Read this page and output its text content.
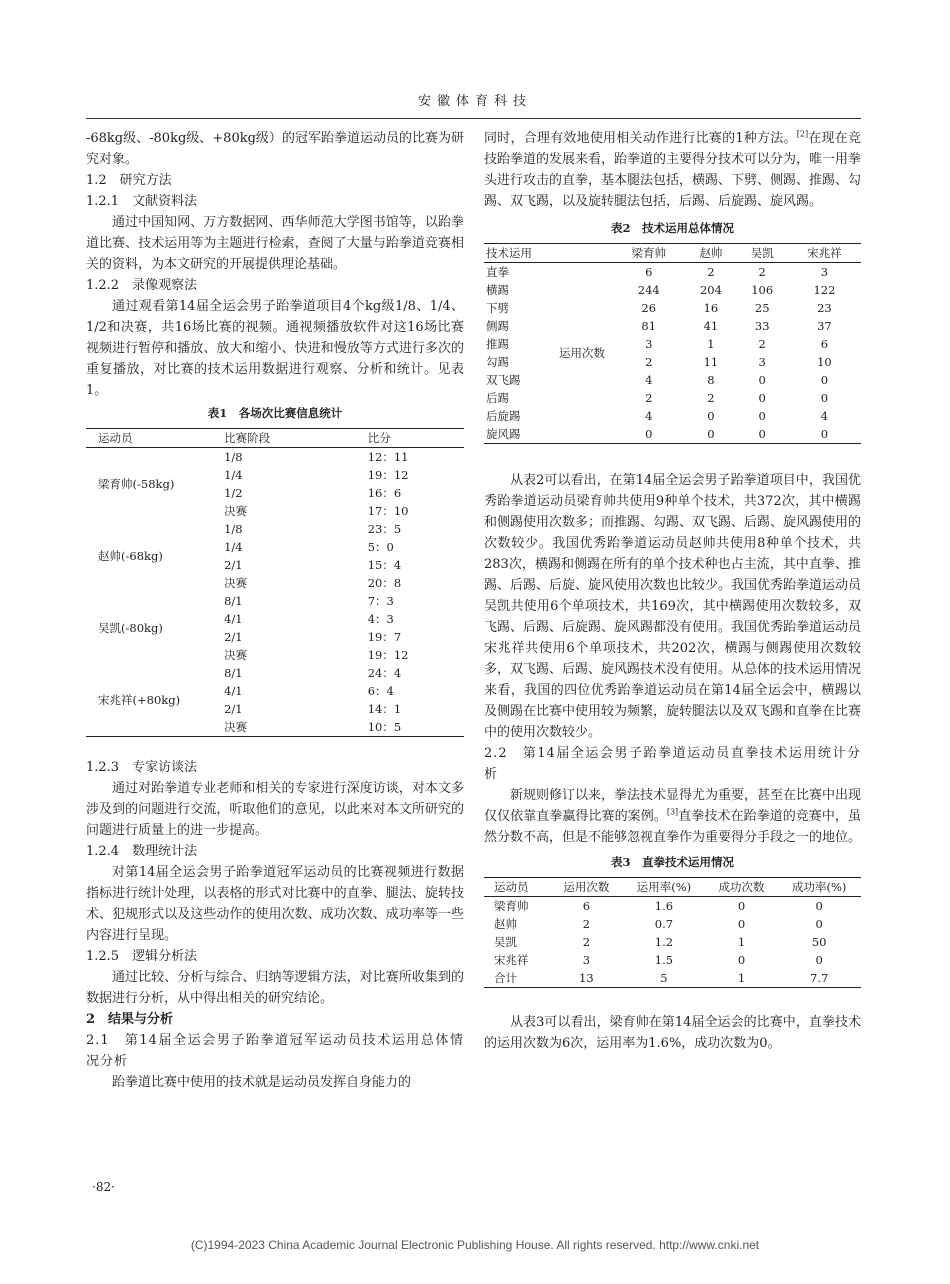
安徽体育科技

-68kg级、-80kg级、+80kg级）的冠军跆拳道运动员的比赛为研究对象。

1.2　研究方法

1.2.1　文献资料法

通过中国知网、万方数据网、西华师范大学图书馆等，以跆拳道比赛、技术运用等为主题进行检索，查阅了大量与跆拳道竞赛相关的资料，为本文研究的开展提供理论基础。

1.2.2　录像观察法

通过观看第14届全运会男子跆拳道项目4个kg级1/8、1/4、1/2和决赛，共16场比赛的视频。通视频播放软件对这16场比赛视频进行暂停和播放、放大和缩小、快进和慢放等方式进行多次的重复播放，对比赛的技术运用数据进行观察、分析和统计。见表1。

表1　各场次比赛信息统计
运动员	比赛阶段	比分
梁育帅(-58kg)	1/8	12：11
	1/4	19：12
	1/2	16：6
	决赛	17：10
赵帅(-68kg)	1/8	23：5
	1/4	5：0
	2/1	15：4
	决赛	20：8
吴凯(-80kg)	8/1	7：3
	4/1	4：3
	2/1	19：7
	决赛	19：12
宋兆祥(+80kg)	8/1	24：4
	4/1	6：4
	2/1	14：1
	决赛	10：5

1.2.3　专家访谈法

通过对跆拳道专业老师和相关的专家进行深度访谈，对本文多涉及到的问题进行交流，听取他们的意见，以此来对本文所研究的问题进行质量上的进一步提高。

1.2.4　数理统计法

对第14届全运会男子跆拳道冠军运动员的比赛视频进行数据指标进行统计处理，以表格的形式对比赛中的直拳、腿法、旋转技术、犯规形式以及这些动作的使用次数、成功次数、成功率等一些内容进行呈现。

1.2.5　逻辑分析法

通过比较、分析与综合、归纳等逻辑方法，对比赛所收集到的数据进行分析，从中得出相关的研究结论。

2　结果与分析

2.1　第14届全运会男子跆拳道冠军运动员技术运用总体情况分析

跆拳道比赛中使用的技术就是运动员发挥自身能力的

同时，合理有效地使用相关动作进行比赛的1种方法。[2]在现在竞技跆拳道的发展来看，跆拳道的主要得分技术可以分为，唯一用拳头进行攻击的直拳，基本腿法包括，横踢、下劈、侧踢、推踢、勾踢、双飞踢，以及旋转腿法包括，后踢、后旋踢、旋风踢。

表2　技术运用总体情况
技术运用		梁育帅	赵帅	吴凯	宋兆祥
直拳	运用次数	6	2	2	3
横踢		244	204	106	122
下劈		26	16	25	23
侧踢		81	41	33	37
推踢		3	1	2	6
勾踢		2	11	3	10
双飞踢		4	8	0	0
后踢		2	2	0	0
后旋踢		4	0	0	4
旋风踢		0	0	0	0

从表2可以看出，在第14届全运会男子跆拳道项目中，我国优秀跆拳道运动员梁育帅共使用9种单个技术，共372次，其中横踢和侧踢使用次数多；而推踢、勾踢、双飞踢、后踢、旋风踢使用的次数较少。我国优秀跆拳道运动员赵帅共使用8种单个技术，共283次，横踢和侧踢在所有的单个技术种也占主流，其中直拳、推踢、后踢、后旋、旋风使用次数也比较少。我国优秀跆拳道运动员吴凯共使用6个单项技术，共169次，其中横踢使用次数较多，双飞踢、后踢、后旋踢、旋风踢都没有使用。我国优秀跆拳道运动员宋兆祥共使用6个单项技术，共202次，横踢与侧踢使用次数较多，双飞踢、后踢、旋风踢技术没有使用。从总体的技术运用情况来看，我国的四位优秀跆拳道运动员在第14届全运会中，横踢以及侧踢在比赛中使用较为频繁，旋转腿法以及双飞踢和直拳在比赛中的使用次数较少。

2.2　第14届全运会男子跆拳道运动员直拳技术运用统计分析

新规则修订以来，拳法技术显得尤为重要，甚至在比赛中出现仅仅依靠直拳赢得比赛的案例。[3]直拳技术在跆拳道的竞赛中，虽然分数不高，但是不能够忽视直拳作为重要得分手段之一的地位。

表3　直拳技术运用情况
运动员	运用次数	运用率(%)	成功次数	成功率(%)
梁育帅	6	1.6	0	0
赵帅	2	0.7	0	0
吴凯	2	1.2	1	50
宋兆祥	3	1.5	0	0
合计	13	5	1	7.7

从表3可以看出，梁育帅在第14届全运会的比赛中，直拳技术的运用次数为6次，运用率为1.6%，成功次数为0。

·82·
(C)1994-2023 China Academic Journal Electronic Publishing House. All rights reserved. http://www.cnki.net
